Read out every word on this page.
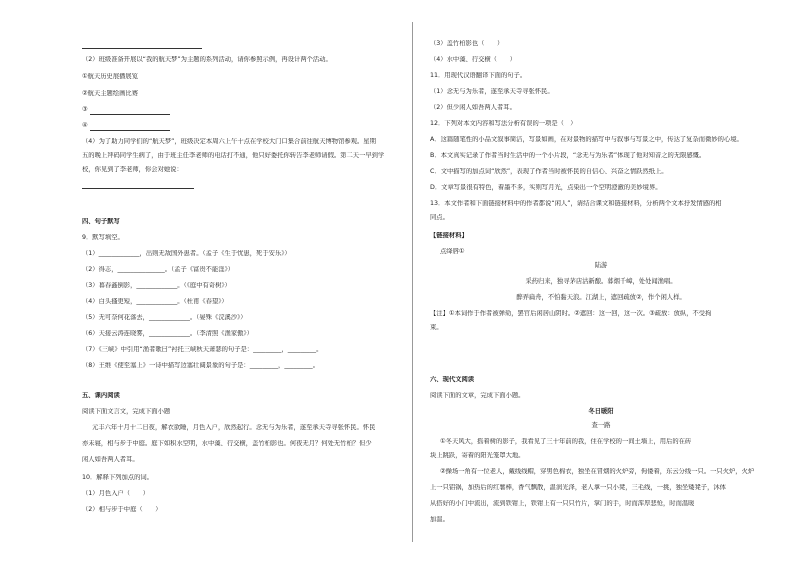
（2）班级准备开展以“我的航天梦”为主题的系列活动，请你参照示例，再设计两个活动。
①航天历史展播展览
②航天主题绘画比赛
③
④
（4）为了助力同学们的“航天梦”，班级决定本周六上午十点在学校大门口集合前往航天博物馆参观。星期
五的晚上拜码同学生病了，由于班主任李老师的电话打不通，他只好委托你转告李老师请假。第二天一早到学
校，你见到了李老师，你会对她说：
四、句子默写
9．默写填空。
（1）_____________，出则无敌国外患者。（孟子《生于忧患，死于安乐》）
（2）得志，_______________。（孟子《富贵不能淫》）
（3）暮春鑫倒影，_____________。（《庭中有奇树》）
（4）白头搔更短，_____________。（杜甫《春望》）
（5）无可奈何花落去，_____________。（晏殊《浣溪沙》）
（6）天接云涛连晓雾，_____________。（李清照《渔家傲》）
（7）《三峡》中引用“渔者歌曰”衬托三峡秋天萧瑟的句子是：_________，_________。
（8）王维《使至塞上》一诗中描写边塞壮阔景象的句子是：_________，_________。
五、课内阅读
阅读下面文言文，完成下面小题
元丰六年十月十二日夜，解衣欲睡，月色入户，欣然起行。念无与为乐者，遂至承天寺寻张怀民。怀民
亦未寝，相与步于中庭。庭下如积水空明，水中藻、荇交横，盖竹柏影也。何夜无月？何处无竹柏？但少
闲人如吾两人者耳。
10．解释下列加点的词。
（1）月色入户（　　）
（2）相与步于中庭（　　）
（3）盖竹柏影也（　　）
（4）水中藻、荇交横（　　）
11．用现代汉语翻译下面的句子。
（1）念无与为乐者，遂至承天寺寻张怀民。
（2）但少闲人如吾两人者耳。
12．下列对本文内容和写法分析有误的一项是（　）
A．这篇随笔性的小品文叙事简洁，写景如画，在对景物的描写中与叙事与写景之中，传达了复杂而微妙的心境。
B．本文真实记录了作者当时生活中的一个小片段，“念无与为乐者”体现了他对知音之的无限感慨。
C．文中描写的加点词“欣然”，表现了作者当时被怀民的自信心、兴奋之情跃然纸上。
D．文章写景很有特色，着墨不多，实则写月光，点染出一个空明澄澈的美妙境界。
13．本文作者和下面链接材料中的作者都说“闲人”，请结合课文和链接材料，分析两个文本抒发情感的相
同点。
【链接材料】
点绛唇①
陆游
采药归来，独寻茅店沽新酿。暮烟千嶂，处处闻渔唱。
醉弄扁舟，不怕黏天浪。江湖上，遮回疏放②，作个闲人样。
【注】①本词作于作者被弹劾，罢官后闲居山阴时。②遮回：这一回，这一次。③疏放：放纵，不受拘
束。
六、现代文阅读
阅读下面的文章，完成下面小题。
冬日暖阳
查一路
①冬天风大，摇着树的影子，我看见了三十年前的我，住在学校的一间土墙上，用后的在砖
块上跳跃，寄着的阳光笼罩大地。
②操场一角有一位老人，戴线线帽，穿男色棉衣，独坐在冒烟的火炉旁，佝偻着，东云分线一只。一只火炉，火炉
上一只铝锅，加热后的红薯棒，香气飘散，温润光泽，老人拿一只小凳，三毛线，一挑，独坐矮凳子，沐体
从搭好的小门中流出，流到铁钳上，铁钳上有一只只竹片，掌门的手，时而浑厚悲怆，时而温暖
加温。
